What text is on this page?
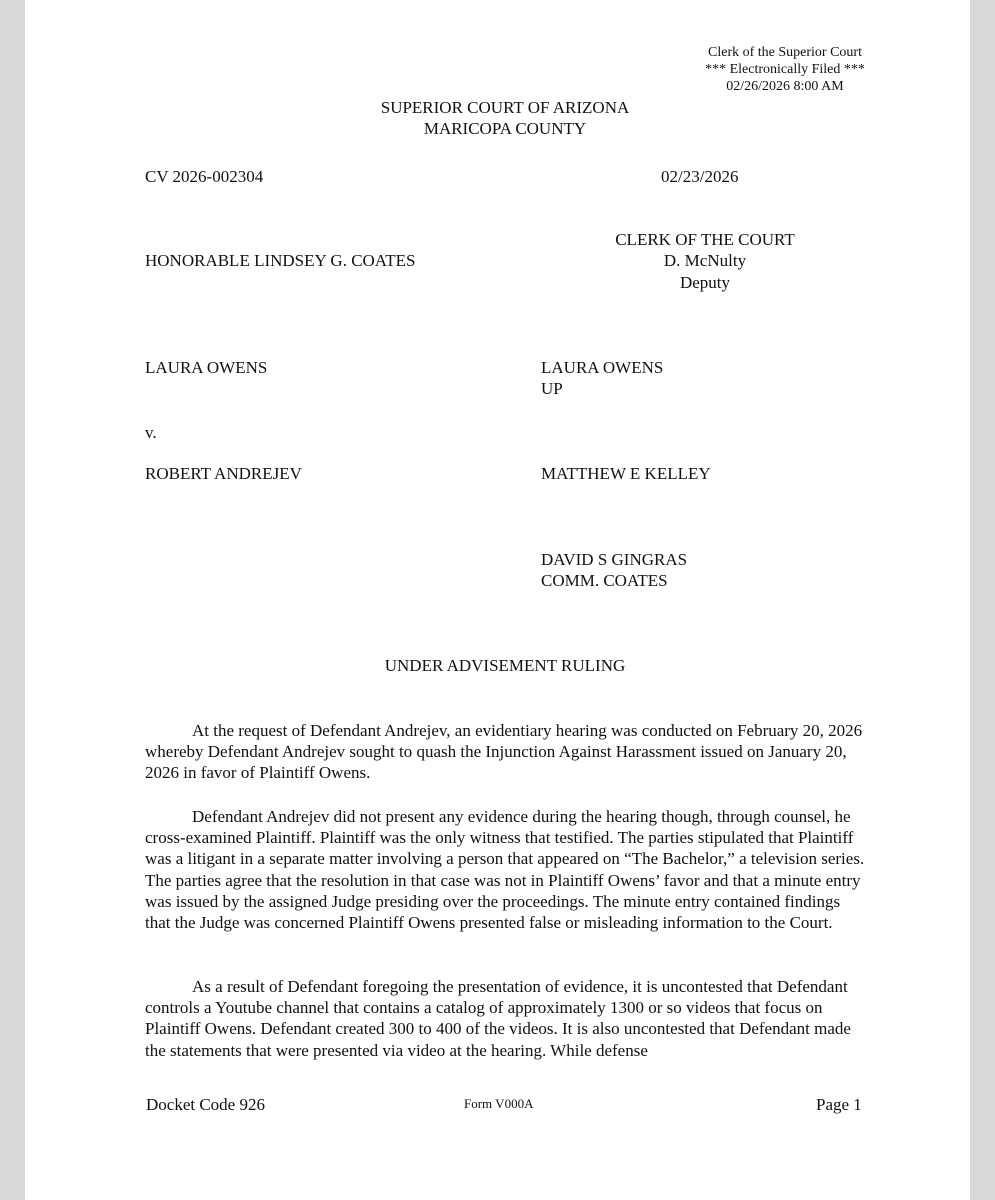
Clerk of the Superior Court
*** Electronically Filed ***
02/26/2026 8:00 AM
SUPERIOR COURT OF ARIZONA
MARICOPA COUNTY
CV 2026-002304	02/23/2026
CLERK OF THE COURT
D. McNulty
Deputy
HONORABLE LINDSEY G. COATES
LAURA OWENS	LAURA OWENS
UP
v.
ROBERT ANDREJEV	MATTHEW E KELLEY
DAVID S GINGRAS
COMM. COATES
UNDER ADVISEMENT RULING
At the request of Defendant Andrejev, an evidentiary hearing was conducted on February 20, 2026 whereby Defendant Andrejev sought to quash the Injunction Against Harassment issued on January 20, 2026 in favor of Plaintiff Owens.
Defendant Andrejev did not present any evidence during the hearing though, through counsel, he cross-examined Plaintiff. Plaintiff was the only witness that testified. The parties stipulated that Plaintiff was a litigant in a separate matter involving a person that appeared on “The Bachelor,” a television series. The parties agree that the resolution in that case was not in Plaintiff Owens’ favor and that a minute entry was issued by the assigned Judge presiding over the proceedings. The minute entry contained findings that the Judge was concerned Plaintiff Owens presented false or misleading information to the Court.
As a result of Defendant foregoing the presentation of evidence, it is uncontested that Defendant controls a Youtube channel that contains a catalog of approximately 1300 or so videos that focus on Plaintiff Owens. Defendant created 300 to 400 of the videos. It is also uncontested that Defendant made the statements that were presented via video at the hearing. While defense
Docket Code 926	Form V000A	Page 1
